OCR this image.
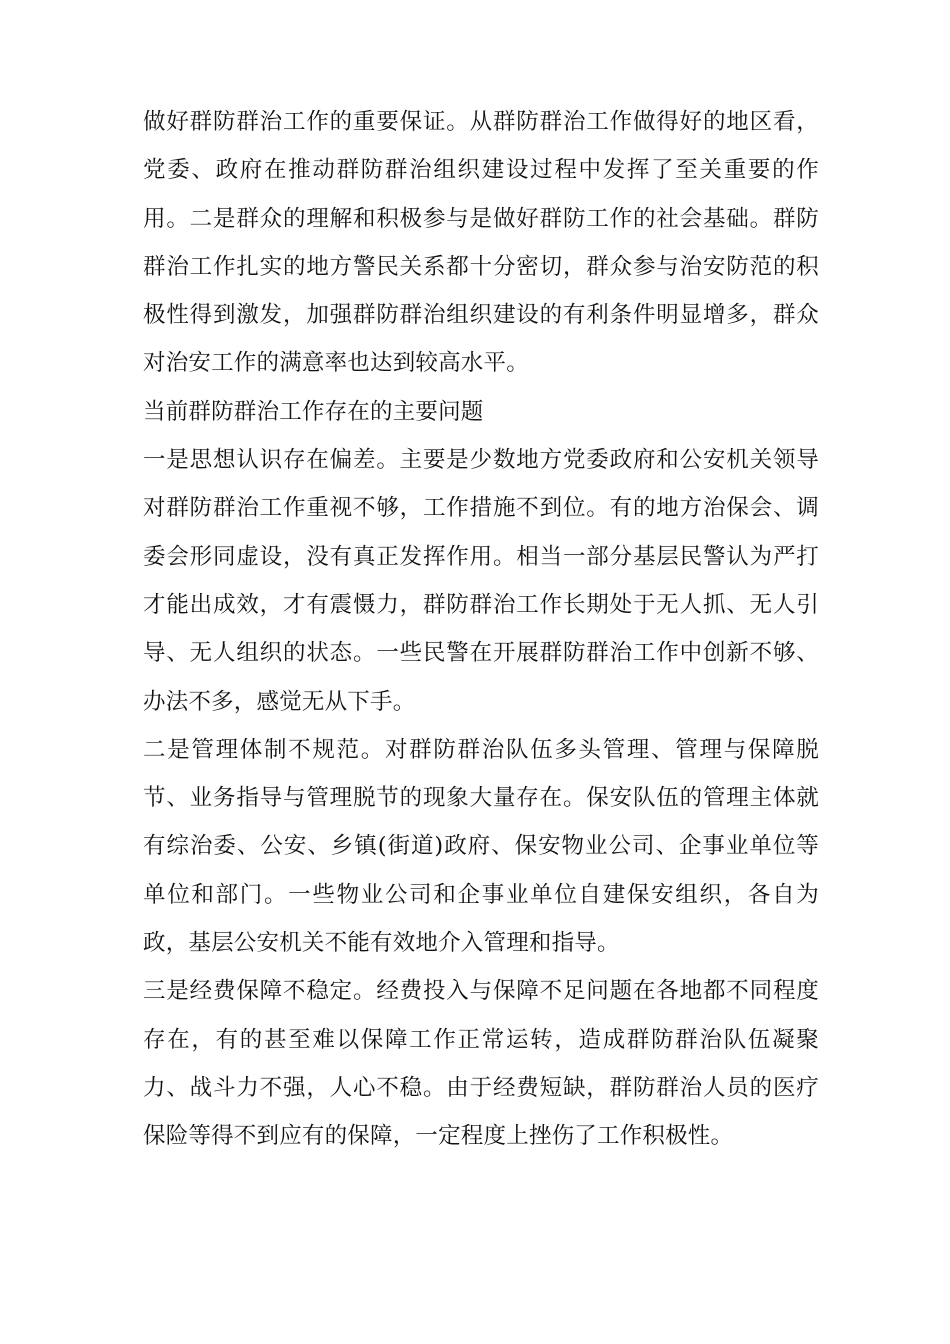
做好群防群治工作的重要保证。从群防群治工作做得好的地区看，党委、政府在推动群防群治组织建设过程中发挥了至关重要的作用。二是群众的理解和积极参与是做好群防工作的社会基础。群防群治工作扎实的地方警民关系都十分密切，群众参与治安防范的积极性得到激发，加强群防群治组织建设的有利条件明显增多，群众对治安工作的满意率也达到较高水平。

当前群防群治工作存在的主要问题

一是思想认识存在偏差。主要是少数地方党委政府和公安机关领导对群防群治工作重视不够，工作措施不到位。有的地方治保会、调委会形同虚设，没有真正发挥作用。相当一部分基层民警认为严打才能出成效，才有震慑力，群防群治工作长期处于无人抓、无人引导、无人组织的状态。一些民警在开展群防群治工作中创新不够、办法不多，感觉无从下手。

二是管理体制不规范。对群防群治队伍多头管理、管理与保障脱节、业务指导与管理脱节的现象大量存在。保安队伍的管理主体就有综治委、公安、乡镇(街道)政府、保安物业公司、企事业单位等单位和部门。一些物业公司和企事业单位自建保安组织，各自为政，基层公安机关不能有效地介入管理和指导。

三是经费保障不稳定。经费投入与保障不足问题在各地都不同程度存在，有的甚至难以保障工作正常运转，造成群防群治队伍凝聚力、战斗力不强，人心不稳。由于经费短缺，群防群治人员的医疗保险等得不到应有的保障，一定程度上挫伤了工作积极性。
